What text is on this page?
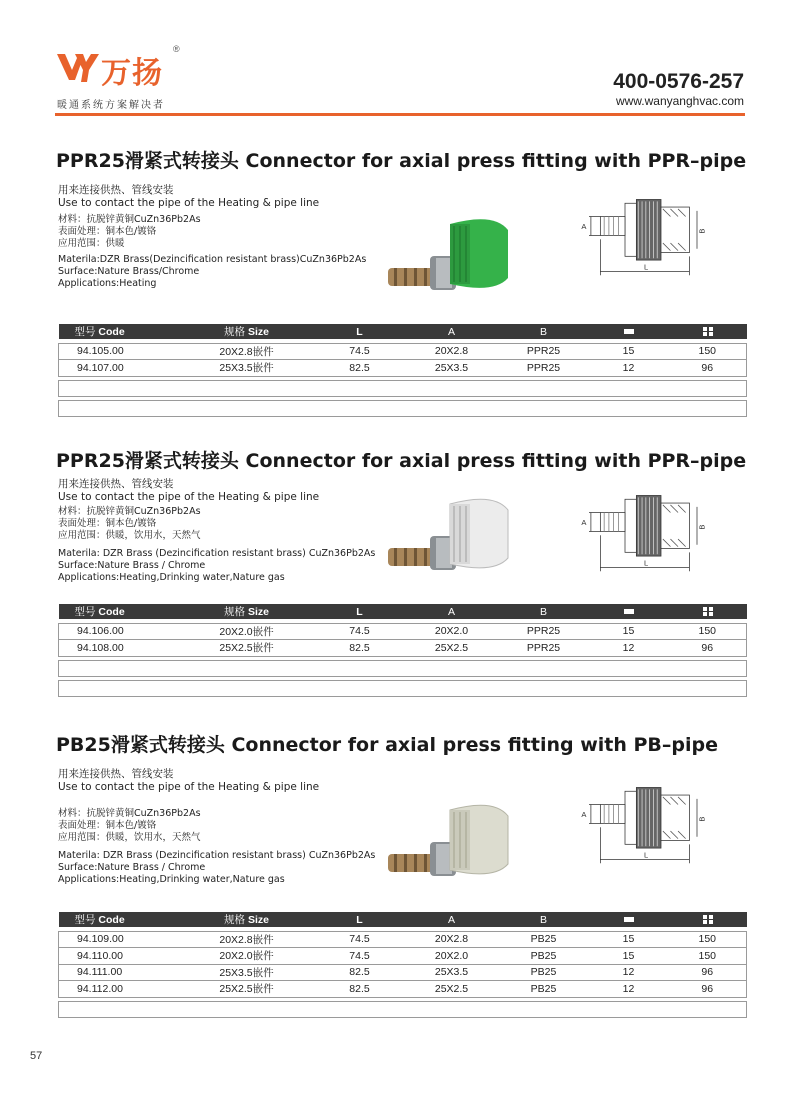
万扬
®
暖通系统方案解决者
400-0576-257
www.wanyanghvac.com
PPR25滑紧式转接头 Connector for axial press fitting with PPR–pipe
用来连接供热、管线安装
Use to contact the pipe of the Heating & pipe line
材料：抗脱锌黄铜CuZn36Pb2As
表面处理：铜本色/镀铬
应用范围：供暖
Materila:DZR Brass(Dezincification resistant brass)CuZn36Pb2As
Surface:Nature Brass/Chrome
Applications:Heating
A
B
L
型号 Code	规格 Size	L	A	B		

94.105.00	20X2.8嵌件	74.5	20X2.8	PPR25	15	150
94.107.00	25X3.5嵌件	82.5	25X3.5	PPR25	12	96

PPR25滑紧式转接头 Connector for axial press fitting with PPR–pipe
用来连接供热、管线安装
Use to contact the pipe of the Heating & pipe line
材料：抗脱锌黄铜CuZn36Pb2As
表面处理：铜本色/镀铬
应用范围：供暖，饮用水，天然气
Materila: DZR Brass (Dezincification resistant brass) CuZn36Pb2As
Surface:Nature Brass / Chrome
Applications:Heating,Drinking water,Nature gas
A
B
L
型号 Code	规格 Size	L	A	B		

94.106.00	20X2.0嵌件	74.5	20X2.0	PPR25	15	150
94.108.00	25X2.5嵌件	82.5	25X2.5	PPR25	12	96

PB25滑紧式转接头 Connector for axial press fitting with PB–pipe
用来连接供热、管线安装
Use to contact the pipe of the Heating & pipe line
材料：抗脱锌黄铜CuZn36Pb2As
表面处理：铜本色/镀铬
应用范围：供暖，饮用水，天然气
Materila: DZR Brass (Dezincification resistant brass) CuZn36Pb2As
Surface:Nature Brass / Chrome
Applications:Heating,Drinking water,Nature gas
A
B
L
型号 Code	规格 Size	L	A	B		

94.109.00	20X2.8嵌件	74.5	20X2.8	PB25	15	150
94.110.00	20X2.0嵌件	74.5	20X2.0	PB25	15	150
94.111.00	25X3.5嵌件	82.5	25X3.5	PB25	12	96
94.112.00	25X2.5嵌件	82.5	25X2.5	PB25	12	96

57
